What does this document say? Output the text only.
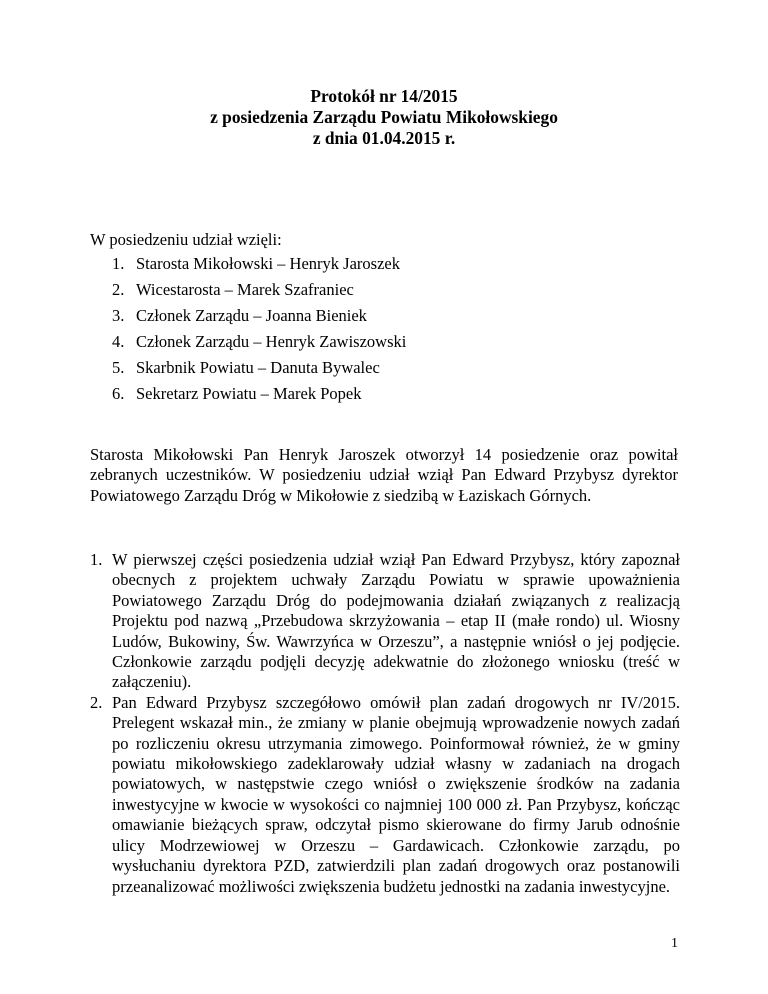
Protokół nr 14/2015
z posiedzenia Zarządu Powiatu Mikołowskiego
z dnia 01.04.2015 r.
W posiedzeniu udział wzięli:
1. Starosta Mikołowski – Henryk Jaroszek
2. Wicestarosta – Marek Szafraniec
3. Członek Zarządu – Joanna Bieniek
4. Członek Zarządu – Henryk Zawiszowski
5. Skarbnik Powiatu – Danuta Bywalec
6. Sekretarz Powiatu – Marek Popek
Starosta Mikołowski Pan Henryk Jaroszek otworzył 14 posiedzenie oraz powitał zebranych uczestników. W posiedzeniu udział wziął Pan Edward Przybysz dyrektor Powiatowego Zarządu Dróg w Mikołowie z siedzibą w Łaziskach Górnych.
1. W pierwszej części posiedzenia udział wziął Pan Edward Przybysz, który zapoznał obecnych z projektem uchwały Zarządu Powiatu w sprawie upoważnienia Powiatowego Zarządu Dróg do podejmowania działań związanych z realizacją Projektu pod nazwą „Przebudowa skrzyżowania – etap II (małe rondo) ul. Wiosny Ludów, Bukowiny, Św. Wawrzyńca w Orzeszu”, a następnie wniósł o jej podjęcie. Członkowie zarządu podjęli decyzję adekwatnie do złożonego wniosku (treść w załączeniu).
2. Pan Edward Przybysz szczegółowo omówił plan zadań drogowych nr IV/2015. Prelegent wskazał min., że zmiany w planie obejmują wprowadzenie nowych zadań po rozliczeniu okresu utrzymania zimowego. Poinformował również, że w gminy powiatu mikołowskiego zadeklarowały udział własny w zadaniach na drogach powiatowych, w następstwie czego wniósł o zwiększenie środków na zadania inwestycyjne w kwocie w wysokości co najmniej 100 000 zł. Pan Przybysz, kończąc omawianie bieżących spraw, odczytał pismo skierowane do firmy Jarub odnośnie ulicy Modrzewiowej w Orzeszu – Gardawicach. Członkowie zarządu, po wysłuchaniu dyrektora PZD, zatwierdzili plan zadań drogowych oraz postanowili przeanalizować możliwości zwiększenia budżetu jednostki na zadania inwestycyjne.
1
